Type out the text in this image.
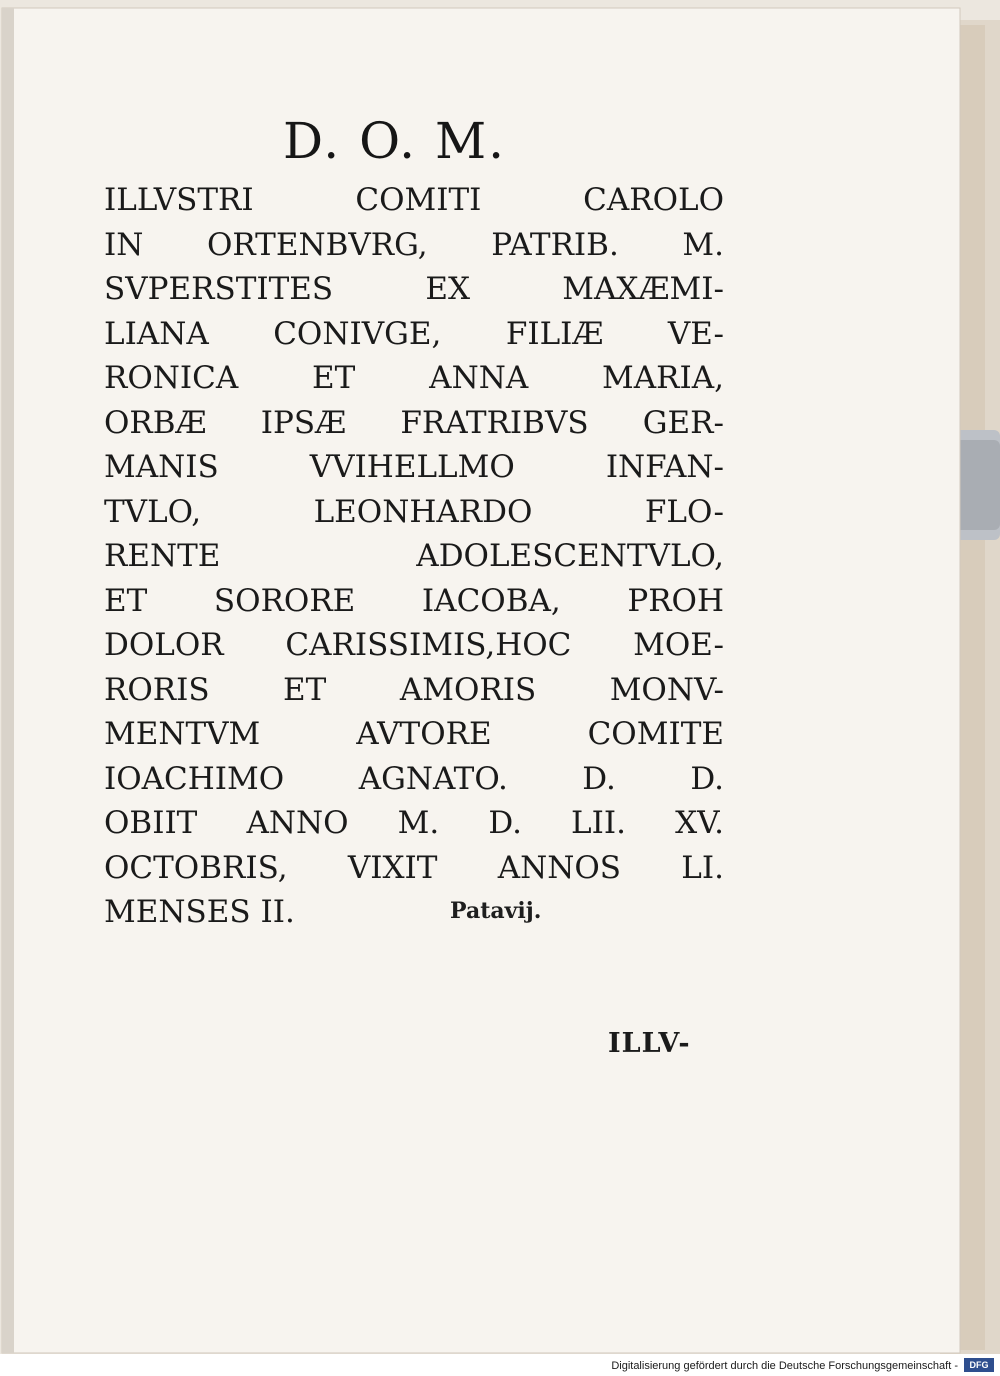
D. O. M.
ILLVSTRI COMITI CAROLO
IN ORTENBVRG, PATRIB. M.
SVPERSTITES EX MAXÆMI-
LIANA CONIVGE, FILIÆ VE-
RONICA ET ANNA MARIA,
ORBÆ IPSÆ FRATRIBVS GER-
MANIS VVIHELLMO INFAN-
TVLO, LEONHARDO FLO-
RENTE ADOLESCENTVLO,
ET SORORE IACOBA, PROH
DOLOR CARISSIMIS,HOC MOE-
RORIS ET AMORIS MONV-
MENTVM AVTORE COMITE
IOACHIMO AGNATO. D. D.
OBIIT ANNO M. D. LII. XV.
OCTOBRIS, VIXIT ANNOS LI.
MENSES II.	Patavij.
ILLV-
Digitalisierung gefördert durch die Deutsche Forschungsgemeinschaft -	DFG
